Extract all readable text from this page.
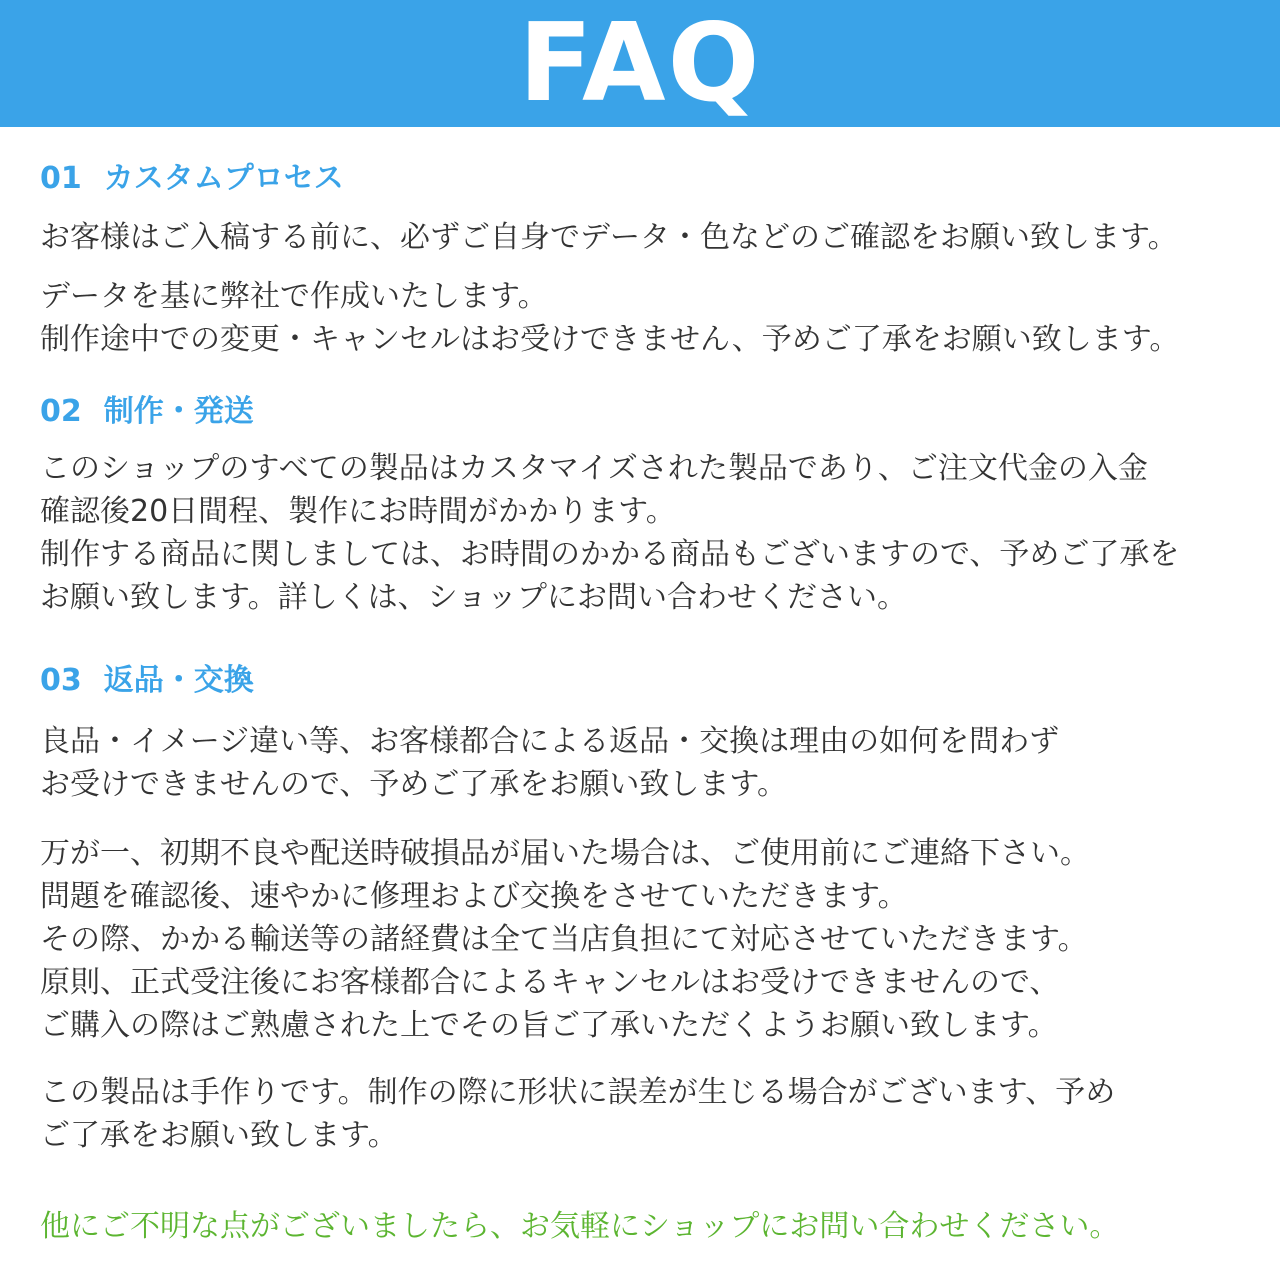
FAQ
01 カスタムプロセス
お客様はご入稿する前に、必ずご自身でデータ・色などのご確認をお願い致します。
データを基に弊社で作成いたします。
制作途中での変更・キャンセルはお受けできません、予めご了承をお願い致します。
02 制作・発送
このショップのすべての製品はカスタマイズされた製品であり、ご注文代金の入金
確認後20日間程、製作にお時間がかかります。
制作する商品に関しましては、お時間のかかる商品もございますので、予めご了承を
お願い致します。詳しくは、ショップにお問い合わせください。
03 返品・交換
良品・イメージ違い等、お客様都合による返品・交換は理由の如何を問わず
お受けできませんので、予めご了承をお願い致します。
万が一、初期不良や配送時破損品が届いた場合は、ご使用前にご連絡下さい。
問題を確認後、速やかに修理および交換をさせていただきます。
その際、かかる輸送等の諸経費は全て当店負担にて対応させていただきます。
原則、正式受注後にお客様都合によるキャンセルはお受けできませんので、
ご購入の際はご熟慮された上でその旨ご了承いただくようお願い致します。
この製品は手作りです。制作の際に形状に誤差が生じる場合がございます、予め
ご了承をお願い致します。
他にご不明な点がございましたら、お気軽にショップにお問い合わせください。
